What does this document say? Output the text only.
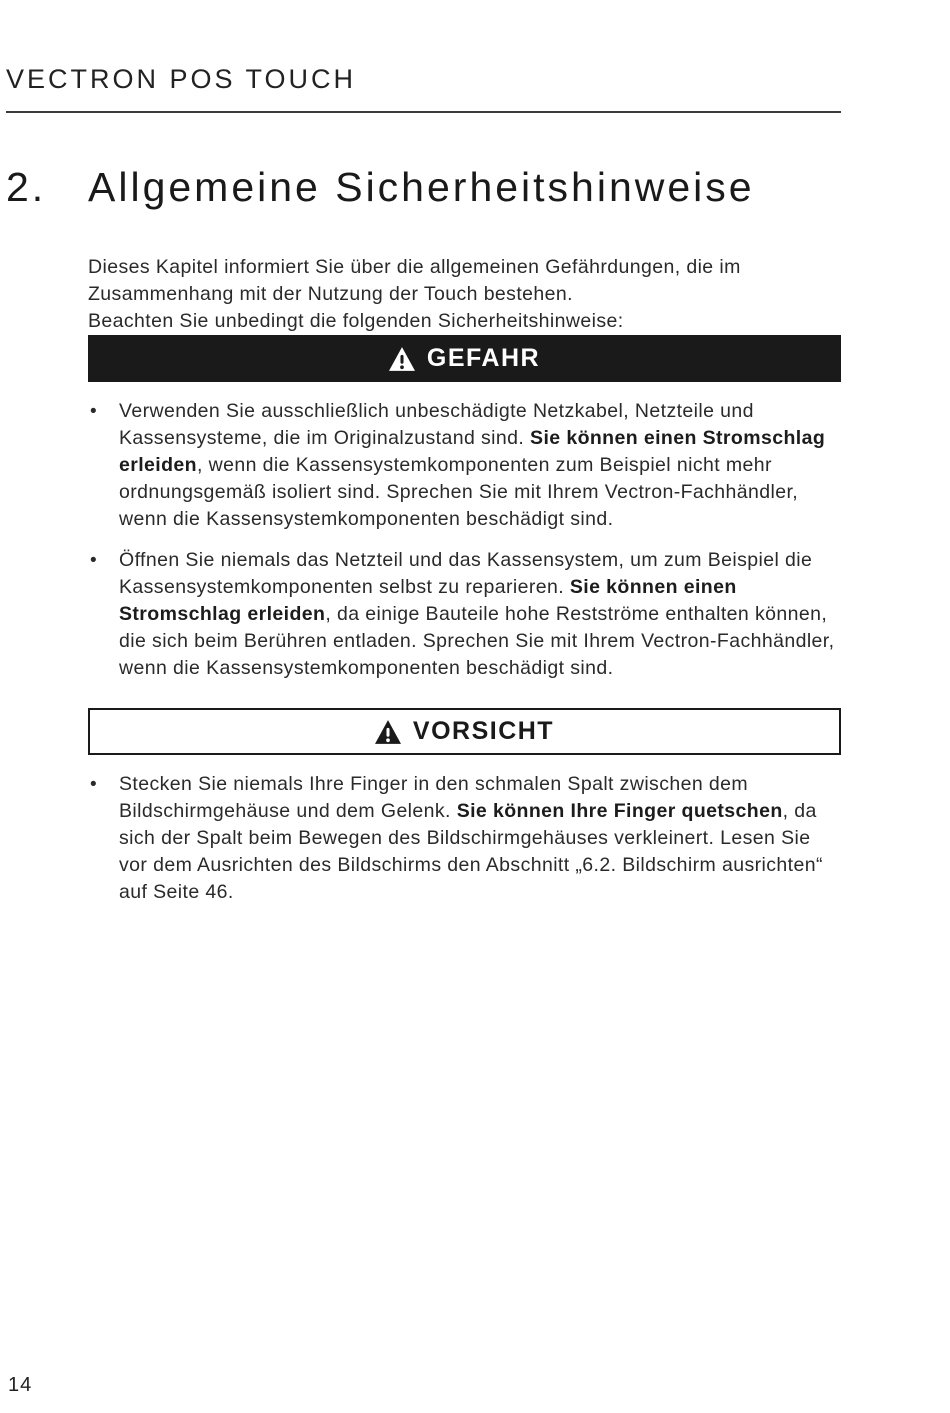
VECTRON POS TOUCH
2.	Allgemeine Sicherheitshinweise

Dieses Kapitel informiert Sie über die allgemeinen Gefährdungen, die im Zusammenhang mit der Nutzung der Touch bestehen.

Beachten Sie unbedingt die folgenden Sicherheitshinweise:

GEFAHR
• Verwenden Sie ausschließlich unbeschädigte Netzkabel, Netzteile und Kassensysteme, die im Originalzustand sind. Sie können einen Stromschlag erleiden, wenn die Kassensystemkomponenten zum Beispiel nicht mehr ordnungsgemäß isoliert sind. Sprechen Sie mit Ihrem Vectron-Fachhändler, wenn die Kassensystemkomponenten beschädigt sind.
• Öffnen Sie niemals das Netzteil und das Kassensystem, um zum Beispiel die Kassensystemkomponenten selbst zu reparieren. Sie können einen Stromschlag erleiden, da einige Bauteile hohe Restströme enthalten können, die sich beim Berühren entladen. Sprechen Sie mit Ihrem Vectron-Fachhändler, wenn die Kassensystemkomponenten beschädigt sind.
VORSICHT
• Stecken Sie niemals Ihre Finger in den schmalen Spalt zwischen dem Bildschirmgehäuse und dem Gelenk. Sie können Ihre Finger quetschen, da sich der Spalt beim Bewegen des Bildschirmgehäuses verkleinert. Lesen Sie vor dem Ausrichten des Bildschirms den Abschnitt „6.2. Bildschirm ausrichten“ auf Seite 46.
14
